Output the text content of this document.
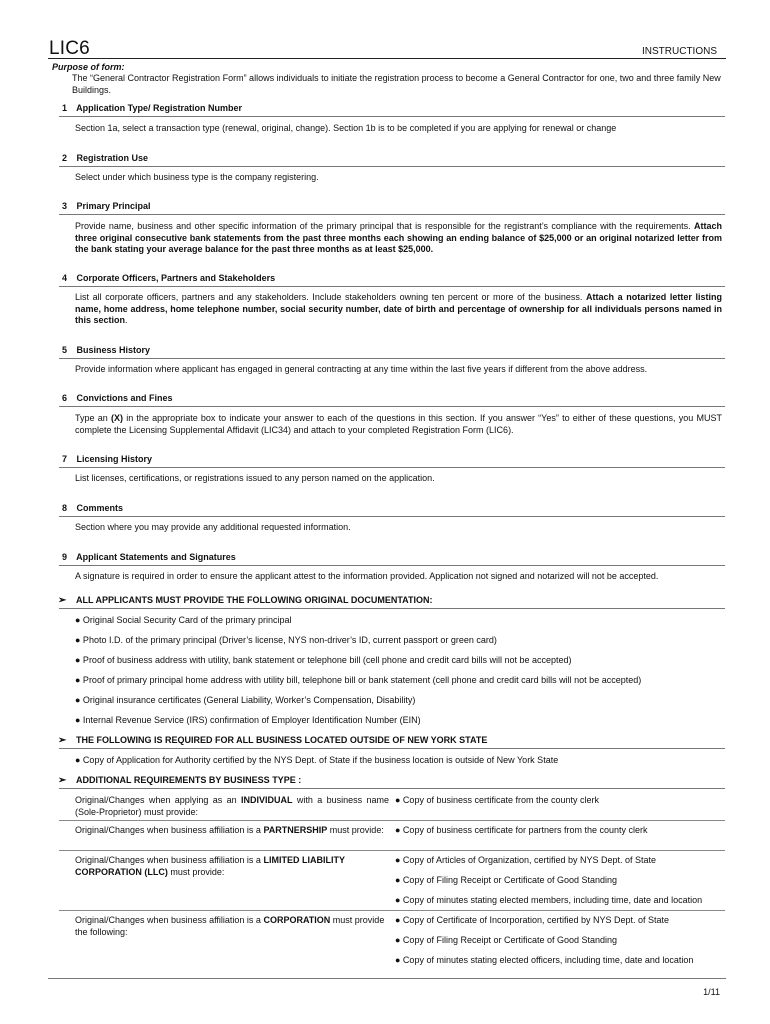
LIC6	INSTRUCTIONS
Purpose of form:
The “General Contractor Registration Form” allows individuals to initiate the registration process to become a General Contractor for one, two and three family New Buildings.
1 Application Type/ Registration Number
Section 1a, select a transaction type (renewal, original, change). Section 1b is to be completed if you are applying for renewal or change
2 Registration Use
Select under which business type is the company registering.
3 Primary Principal
Provide name, business and other specific information of the primary principal that is responsible for the registrant’s compliance with the requirements. Attach three original consecutive bank statements from the past three months each showing an ending balance of $25,000 or an original notarized letter from the bank stating your average balance for the past three months as at least $25,000.
4 Corporate Officers, Partners and Stakeholders
List all corporate officers, partners and any stakeholders. Include stakeholders owning ten percent or more of the business. Attach a notarized letter listing name, home address, home telephone number, social security number, date of birth and percentage of ownership for all individuals persons named in this section.
5 Business History
Provide information where applicant has engaged in general contracting at any time within the last five years if different from the above address.
6 Convictions and Fines
Type an (X) in the appropriate box to indicate your answer to each of the questions in this section. If you answer “Yes” to either of these questions, you MUST complete the Licensing Supplemental Affidavit (LIC34) and attach to your completed Registration Form (LIC6).
7 Licensing History
List licenses, certifications, or registrations issued to any person named on the application.
8 Comments
Section where you may provide any additional requested information.
9 Applicant Statements and Signatures
A signature is required in order to ensure the applicant attest to the information provided. Application not signed and notarized will not be accepted.
➢ ALL APPLICANTS MUST PROVIDE THE FOLLOWING ORIGINAL DOCUMENTATION:
● Original Social Security Card of the primary principal
● Photo I.D. of the primary principal (Driver’s license, NYS non-driver’s ID, current passport or green card)
● Proof of business address with utility, bank statement or telephone bill (cell phone and credit card bills will not be accepted)
● Proof of primary principal home address with utility bill, telephone bill or bank statement (cell phone and credit card bills will not be accepted)
● Original insurance certificates (General Liability, Worker’s Compensation, Disability)
● Internal Revenue Service (IRS) confirmation of Employer Identification Number (EIN)
➢ THE FOLLOWING IS REQUIRED FOR ALL BUSINESS LOCATED OUTSIDE OF NEW YORK STATE
● Copy of Application for Authority certified by the NYS Dept. of State if the business location is outside of New York State
➢ ADDITIONAL REQUIREMENTS BY BUSINESS TYPE :
Original/Changes when applying as an INDIVIDUAL with a business name (Sole-Proprietor) must provide:
● Copy of business certificate from the county clerk
Original/Changes when business affiliation is a PARTNERSHIP must provide:	● Copy of business certificate for partners from the county clerk
Original/Changes when business affiliation is a LIMITED LIABILITY CORPORATION (LLC) must provide:
● Copy of Articles of Organization, certified by NYS Dept. of State
● Copy of Filing Receipt or Certificate of Good Standing
● Copy of minutes stating elected members, including time, date and location
Original/Changes when business affiliation is a CORPORATION must provide the following:
● Copy of Certificate of Incorporation, certified by NYS Dept. of State
● Copy of Filing Receipt or Certificate of Good Standing
● Copy of minutes stating elected officers, including time, date and location
1/11
